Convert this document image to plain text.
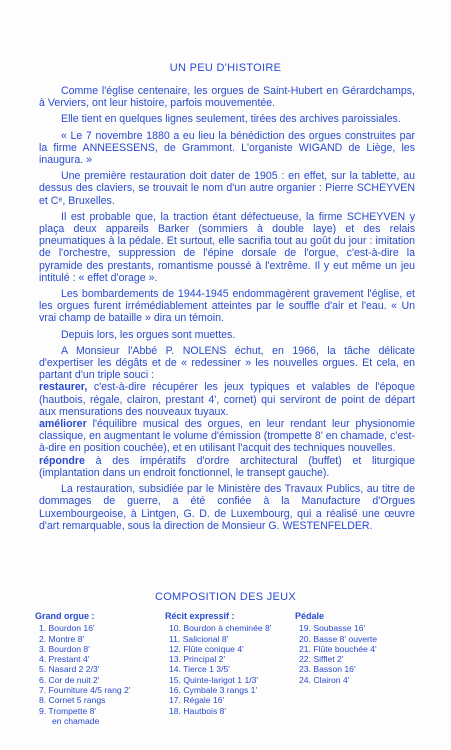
UN PEU D'HISTOIRE

Comme l'église centenaire, les orgues de Saint-Hubert en Gérardchamps, à Verviers, ont leur histoire, parfois mouvementée.

Elle tient en quelques lignes seulement, tirées des archives paroissiales.

« Le 7 novembre 1880 a eu lieu la bénédiction des orgues construites par la firme ANNEESSENS, de Grammont. L'organiste WIGAND de Liège, les inaugura. »

Une première restauration doit dater de 1905 : en effet, sur la tablette, au dessus des claviers, se trouvait le nom d'un autre organier : Pierre SCHEYVEN et Cᵉ, Bruxelles.

Il est probable que, la traction étant défectueuse, la firme SCHEYVEN y plaça deux appareils Barker (sommiers à double laye) et des relais pneumatiques à la pédale. Et surtout, elle sacrifia tout au goût du jour : imitation de l'orchestre, suppression de l'épine dorsale de l'orgue, c'est-à-dire la pyramide des prestants, romantisme poussé à l'extrême. Il y eut même un jeu intitulé : « effet d'orage ».

Les bombardements de 1944-1945 endommagèrent gravement l'église, et les orgues furent irrémédiablement atteintes par le souffle d'air et l'eau. « Un vrai champ de bataille » dira un témoin.

Depuis lors, les orgues sont muettes.

A Monsieur l'Abbé P. NOLENS échut, en 1966, la tâche délicate d'expertiser les dégâts et de « redessiner » les nouvelles orgues. Et cela, en partant d'un triple souci :

restaurer, c'est-à-dire récupérer les jeux typiques et valables de l'époque (hautbois, régale, clairon, prestant 4', cornet) qui serviront de point de départ aux mensurations des nouveaux tuyaux.

améliorer l'équilibre musical des orgues, en leur rendant leur physionomie classique, en augmentant le volume d'émission (trompette 8' en chamade, c'est-à-dire en position couchée), et en utilisant l'acquit des techniques nouvelles.

répondre à des impératifs d'ordre architectural (buffet) et liturgique (implantation dans un endroit fonctionnel, le transept gauche).

La restauration, subsidiée par le Ministère des Travaux Publics, au titre de dommages de guerre, a été confiée à la Manufacture d'Orgues Luxembourgeoise, à Lintgen, G. D. de Luxembourg, qui a réalisé une œuvre d'art remarquable, sous la direction de Monsieur G. WESTENFELDER.

COMPOSITION DES JEUX
Grand orgue :
1. Bourdon 16'
2. Montre 8'
3. Bourdon 8'
4. Prestant 4'
5. Nasard 2 2/3'
6. Cor de nuit 2'
7. Fourniture 4/5 rang 2'
8. Cornet 5 rangs
9. Trompette 8'
en chamade
Récit expressif :
10. Bourdon à cheminée 8'
11. Salicional 8'
12. Flûte conique 4'
13. Principal 2'
14. Tierce 1 3/5'
15. Quinte-larigot 1 1/3'
16. Cymbale 3 rangs 1'
17. Régale 16'
18. Hautbois 8'
Pédale
19. Soubasse 16'
20. Basse 8' ouverte
21. Flûte bouchée 4'
22. Sifflet 2'
23. Basson 16'
24. Clairon 4'
